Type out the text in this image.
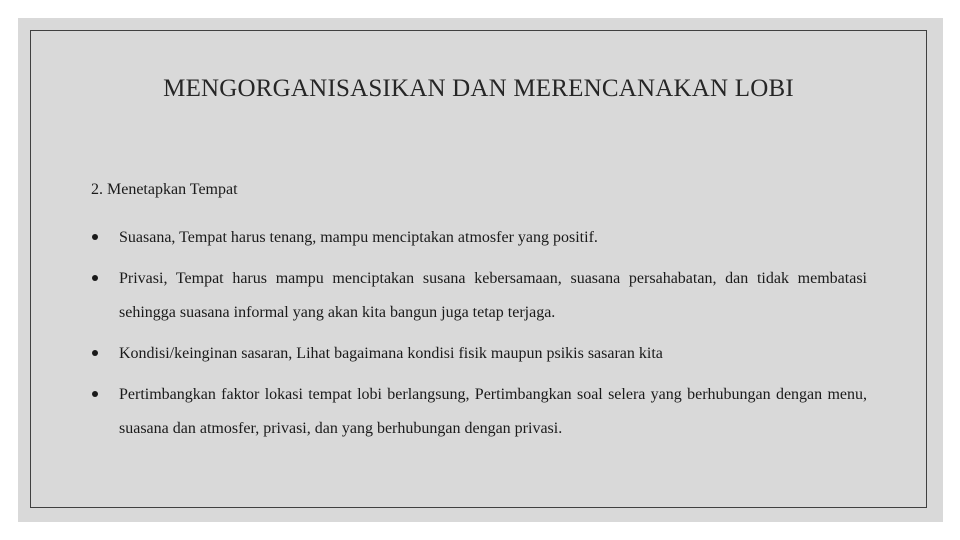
MENGORGANISASIKAN DAN MERENCANAKAN LOBI
2. Menetapkan Tempat
Suasana, Tempat harus tenang, mampu menciptakan atmosfer yang positif.
Privasi, Tempat harus mampu menciptakan susana kebersamaan, suasana persahabatan, dan tidak membatasi sehingga suasana informal yang akan kita bangun juga tetap terjaga.
Kondisi/keinginan sasaran, Lihat bagaimana kondisi fisik maupun psikis sasaran kita
Pertimbangkan faktor lokasi tempat lobi berlangsung, Pertimbangkan soal selera yang berhubungan dengan menu, suasana dan atmosfer, privasi, dan yang berhubungan dengan privasi.
